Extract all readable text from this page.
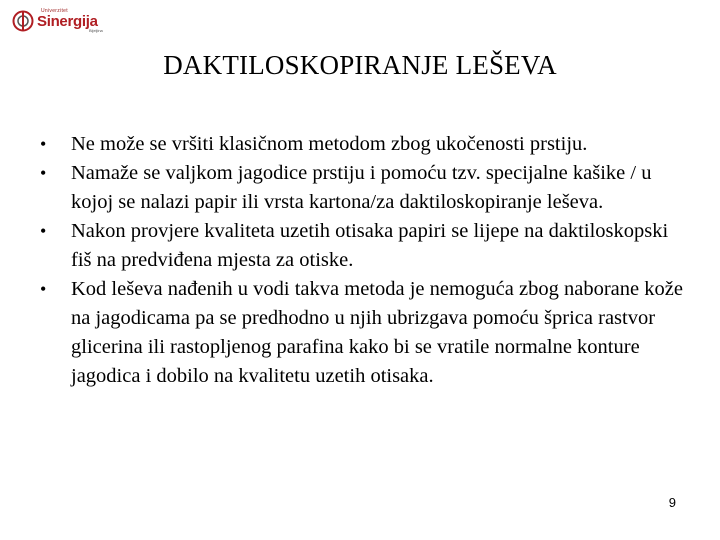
Univerzitet
Sinergija
Bijeljina
DAKTILOSKOPIRANJE LEŠEVA
• Ne može se vršiti klasičnom metodom zbog ukočenosti prstiju.
• Namaže se valjkom jagodice prstiju i pomoću tzv. specijalne kašike / u kojoj se nalazi papir ili vrsta kartona/za daktiloskopiranje leševa.
• Nakon provjere kvaliteta uzetih otisaka papiri se lijepe na daktiloskopski fiš na predviđena mjesta za otiske.
• Kod leševa nađenih u vodi takva metoda je nemoguća zbog naborane kože na jagodicama pa se predhodno u njih ubrizgava pomoću šprica rastvor glicerina ili rastopljenog parafina kako bi se vratile normalne konture jagodica i dobilo na kvalitetu uzetih otisaka.
9
